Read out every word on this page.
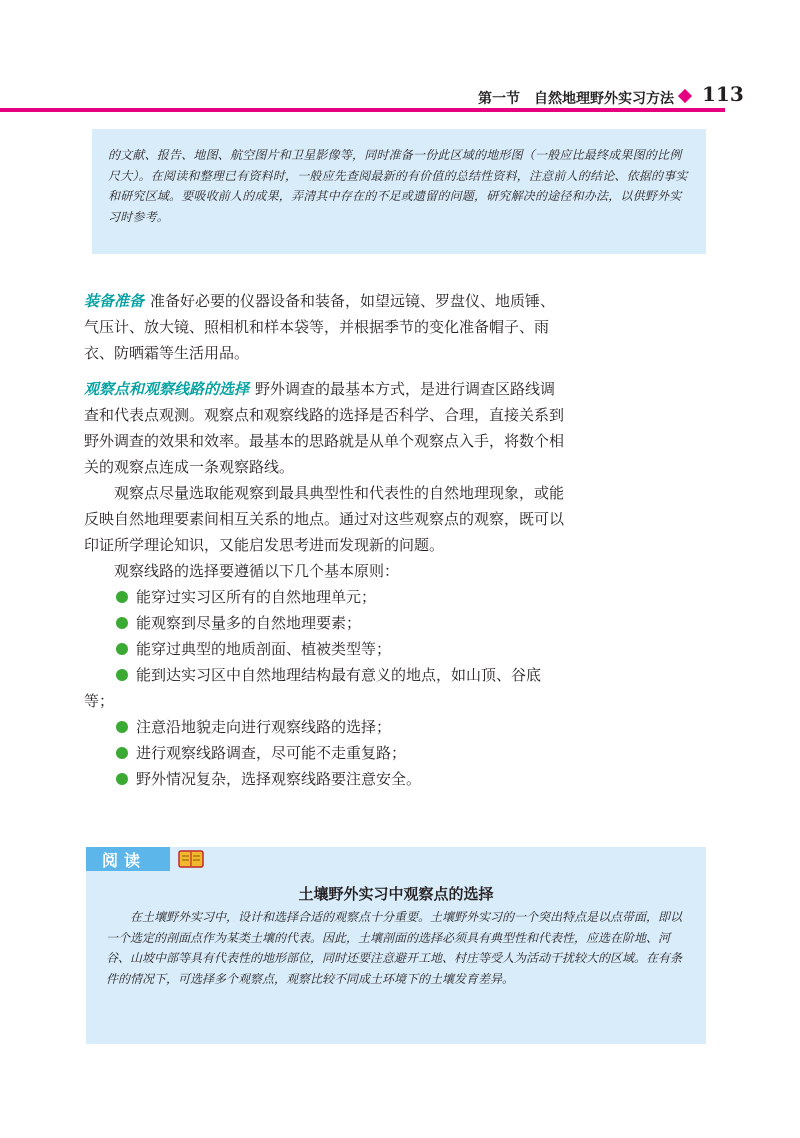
第一节　自然地理野外实习方法 113

的文献、报告、地图、航空图片和卫星影像等，同时准备一份此区域的地形图（一般应比最终成果图的比例尺大）。在阅读和整理已有资料时，一般应先查阅最新的有价值的总结性资料，注意前人的结论、依据的事实和研究区域。要吸收前人的成果，弄清其中存在的不足或遗留的问题，研究解决的途径和办法，以供野外实习时参考。

装备准备 准备好必要的仪器设备和装备，如望远镜、罗盘仪、地质锤、气压计、放大镜、照相机和样本袋等，并根据季节的变化准备帽子、雨衣、防晒霜等生活用品。

观察点和观察线路的选择 野外调查的最基本方式，是进行调查区路线调查和代表点观测。观察点和观察线路的选择是否科学、合理，直接关系到野外调查的效果和效率。最基本的思路就是从单个观察点入手，将数个相关的观察点连成一条观察路线。

观察点尽量选取能观察到最具典型性和代表性的自然地理现象，或能反映自然地理要素间相互关系的地点。通过对这些观察点的观察，既可以印证所学理论知识，又能启发思考进而发现新的问题。

观察线路的选择要遵循以下几个基本原则：

能穿过实习区所有的自然地理单元；
能观察到尽量多的自然地理要素；
能穿过典型的地质剖面、植被类型等；
能到达实习区中自然地理结构最有意义的地点，如山顶、谷底等；
注意沿地貌走向进行观察线路的选择；
进行观察线路调查，尽可能不走重复路；
野外情况复杂，选择观察线路要注意安全。
阅读
土壤野外实习中观察点的选择

在土壤野外实习中，设计和选择合适的观察点十分重要。土壤野外实习的一个突出特点是以点带面，即以一个选定的剖面点作为某类土壤的代表。因此，土壤剖面的选择必须具有典型性和代表性，应选在阶地、河谷、山坡中部等具有代表性的地形部位，同时还要注意避开工地、村庄等受人为活动干扰较大的区域。在有条件的情况下，可选择多个观察点，观察比较不同成土环境下的土壤发育差异。
